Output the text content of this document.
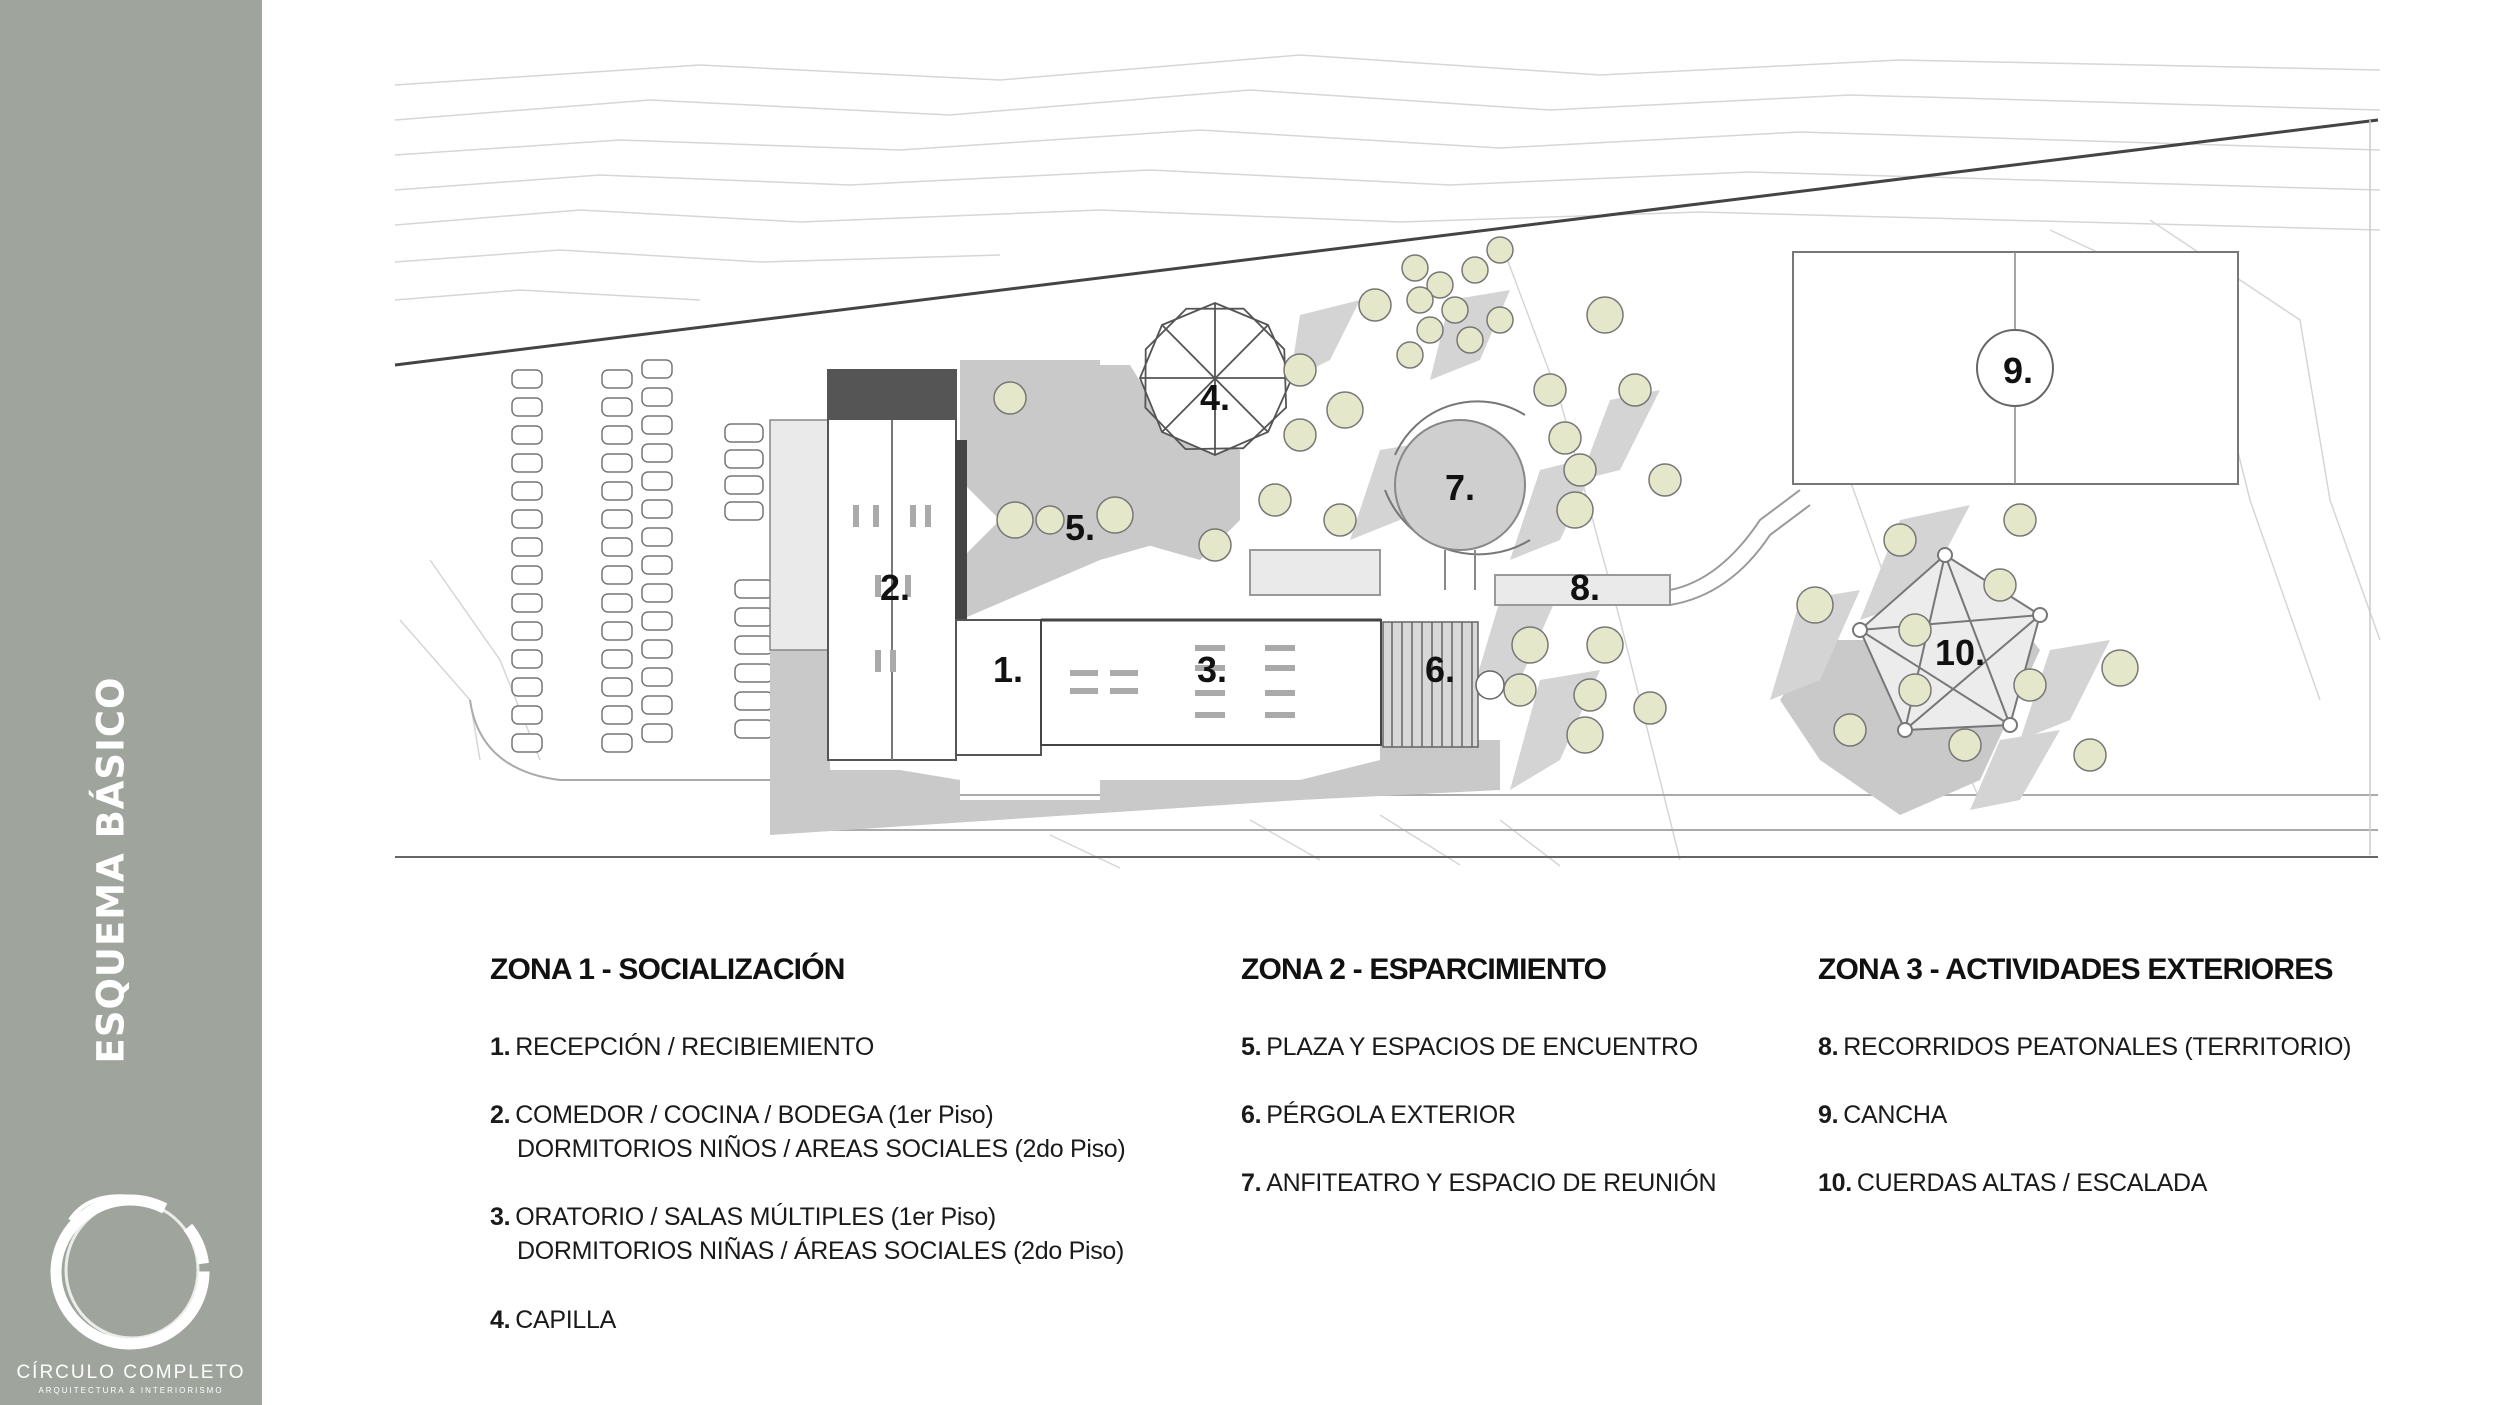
ESQUEMA BÁSICO
CÍRCULO COMPLETO
ARQUITECTURA & INTERIORISMO
1.
2.
3.
4.
5.
6.
7.
8.
9.
10.
ZONA 1 - SOCIALIZACIÓN
1. RECEPCIÓN / RECIBIEMIENTO
2. COMEDOR / COCINA / BODEGA (1er Piso)
DORMITORIOS NIÑOS / AREAS SOCIALES (2do Piso)
3. ORATORIO / SALAS MÚLTIPLES (1er Piso)
DORMITORIOS NIÑAS / ÁREAS SOCIALES (2do Piso)
4. CAPILLA
ZONA 2 - ESPARCIMIENTO
5. PLAZA Y ESPACIOS DE ENCUENTRO
6. PÉRGOLA EXTERIOR
7. ANFITEATRO Y ESPACIO DE REUNIÓN
ZONA 3 - ACTIVIDADES EXTERIORES
8. RECORRIDOS PEATONALES (TERRITORIO)
9. CANCHA
10. CUERDAS ALTAS / ESCALADA
